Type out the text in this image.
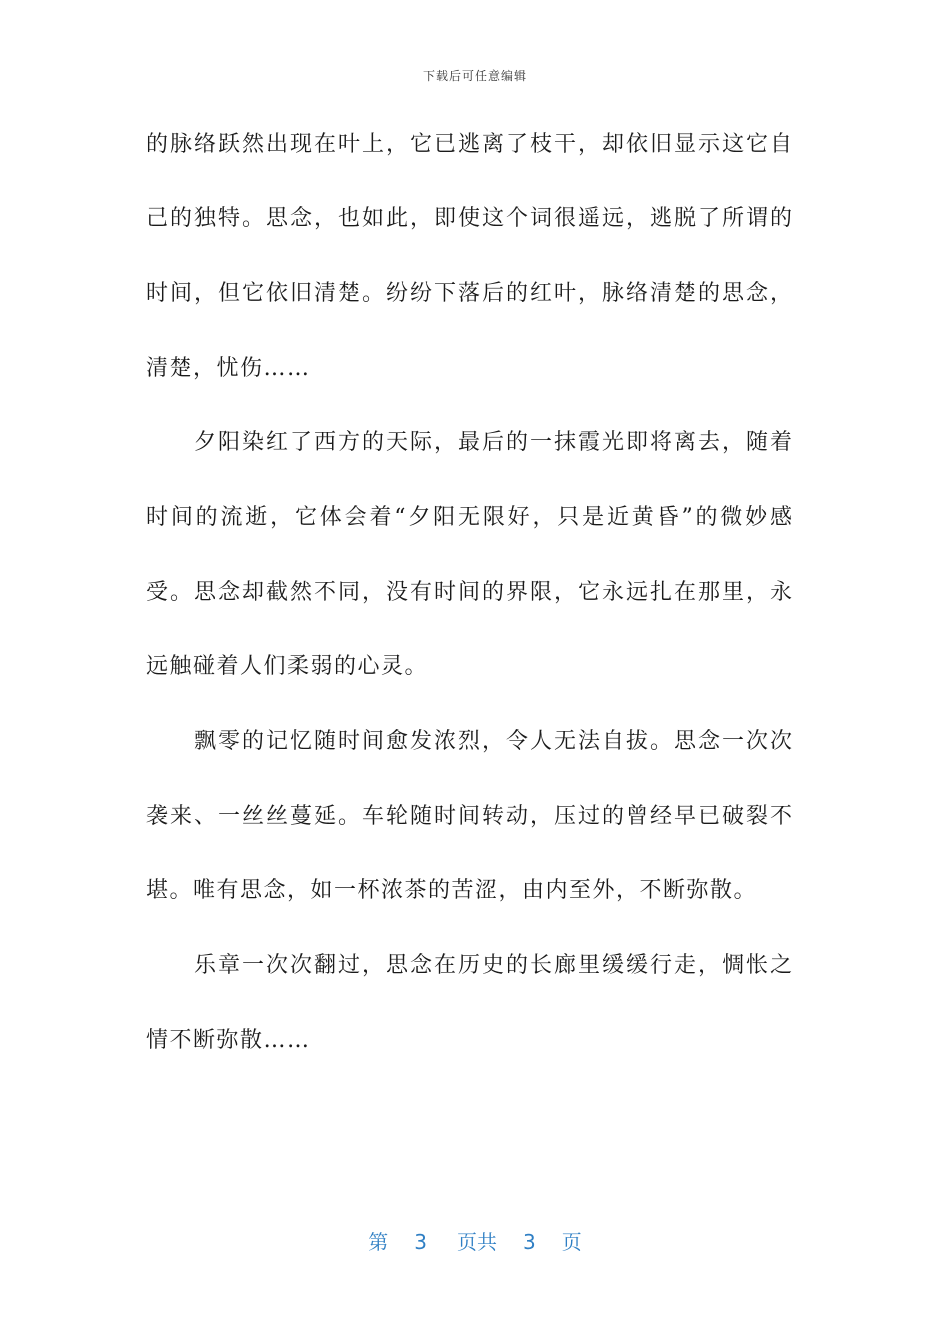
下载后可任意编辑
的脉络跃然出现在叶上，它已逃离了枝干，却依旧显示这它自
己的独特。思念，也如此，即使这个词很遥远，逃脱了所谓的
时间，但它依旧清楚。纷纷下落后的红叶，脉络清楚的思念，
清楚，忧伤……
夕阳染红了西方的天际，最后的一抹霞光即将离去，随着
时间的流逝，它体会着“夕阳无限好，只是近黄昏”的微妙感
受。思念却截然不同，没有时间的界限，它永远扎在那里，永
远触碰着人们柔弱的心灵。
飘零的记忆随时间愈发浓烈，令人无法自拔。思念一次次
袭来、一丝丝蔓延。车轮随时间转动，压过的曾经早已破裂不
堪。唯有思念，如一杯浓茶的苦涩，由内至外，不断弥散。
乐章一次次翻过，思念在历史的长廊里缓缓行走，惆怅之
情不断弥散……
第 3 页共 3 页
